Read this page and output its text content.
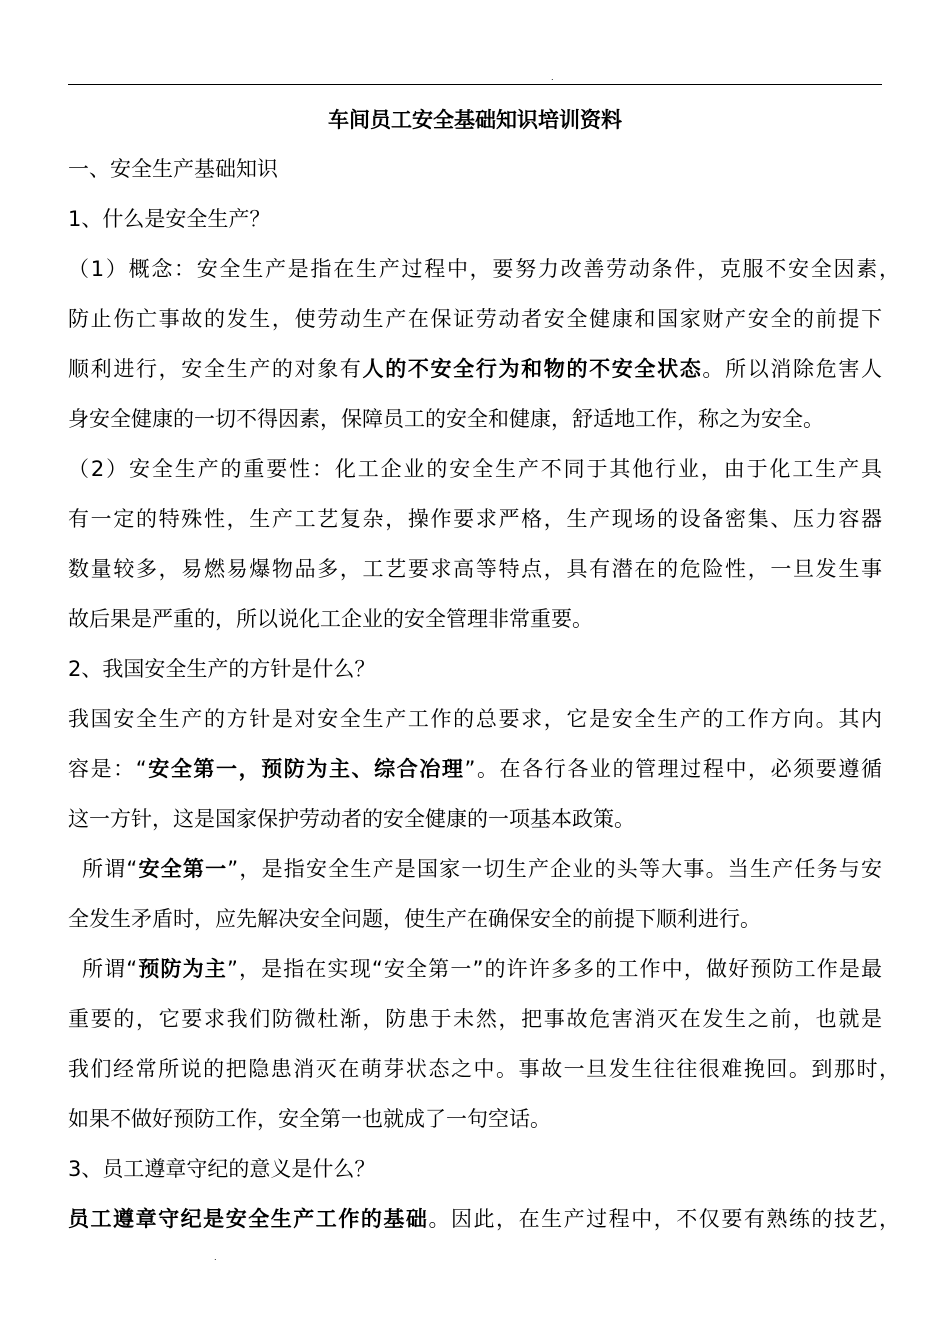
.
车间员工安全基础知识培训资料
一、安全生产基础知识
1、什么是安全生产？
（1）概念：安全生产是指在生产过程中，要努力改善劳动条件，克服不安全因素，
防止伤亡事故的发生，使劳动生产在保证劳动者安全健康和国家财产安全的前提下
顺利进行，安全生产的对象有人的不安全行为和物的不安全状态。所以消除危害人
身安全健康的一切不得因素，保障员工的安全和健康，舒适地工作，称之为安全。
（2）安全生产的重要性：化工企业的安全生产不同于其他行业，由于化工生产具
有一定的特殊性，生产工艺复杂，操作要求严格，生产现场的设备密集、压力容器
数量较多，易燃易爆物品多，工艺要求高等特点，具有潜在的危险性，一旦发生事
故后果是严重的，所以说化工企业的安全管理非常重要。
2、我国安全生产的方针是什么？
我国安全生产的方针是对安全生产工作的总要求，它是安全生产的工作方向。其内
容是：“安全第一，预防为主、综合冶理”。在各行各业的管理过程中，必须要遵循
这一方针，这是国家保护劳动者的安全健康的一项基本政策。
所谓“安全第一”，是指安全生产是国家一切生产企业的头等大事。当生产任务与安
全发生矛盾时，应先解决安全问题，使生产在确保安全的前提下顺利进行。
所谓“预防为主”，是指在实现“安全第一”的许许多多的工作中，做好预防工作是最
重要的，它要求我们防微杜渐，防患于未然，把事故危害消灭在发生之前，也就是
我们经常所说的把隐患消灭在萌芽状态之中。事故一旦发生往往很难挽回。到那时，
如果不做好预防工作，安全第一也就成了一句空话。
3、员工遵章守纪的意义是什么？
员工遵章守纪是安全生产工作的基础。因此，在生产过程中，不仅要有熟练的技艺，
.
